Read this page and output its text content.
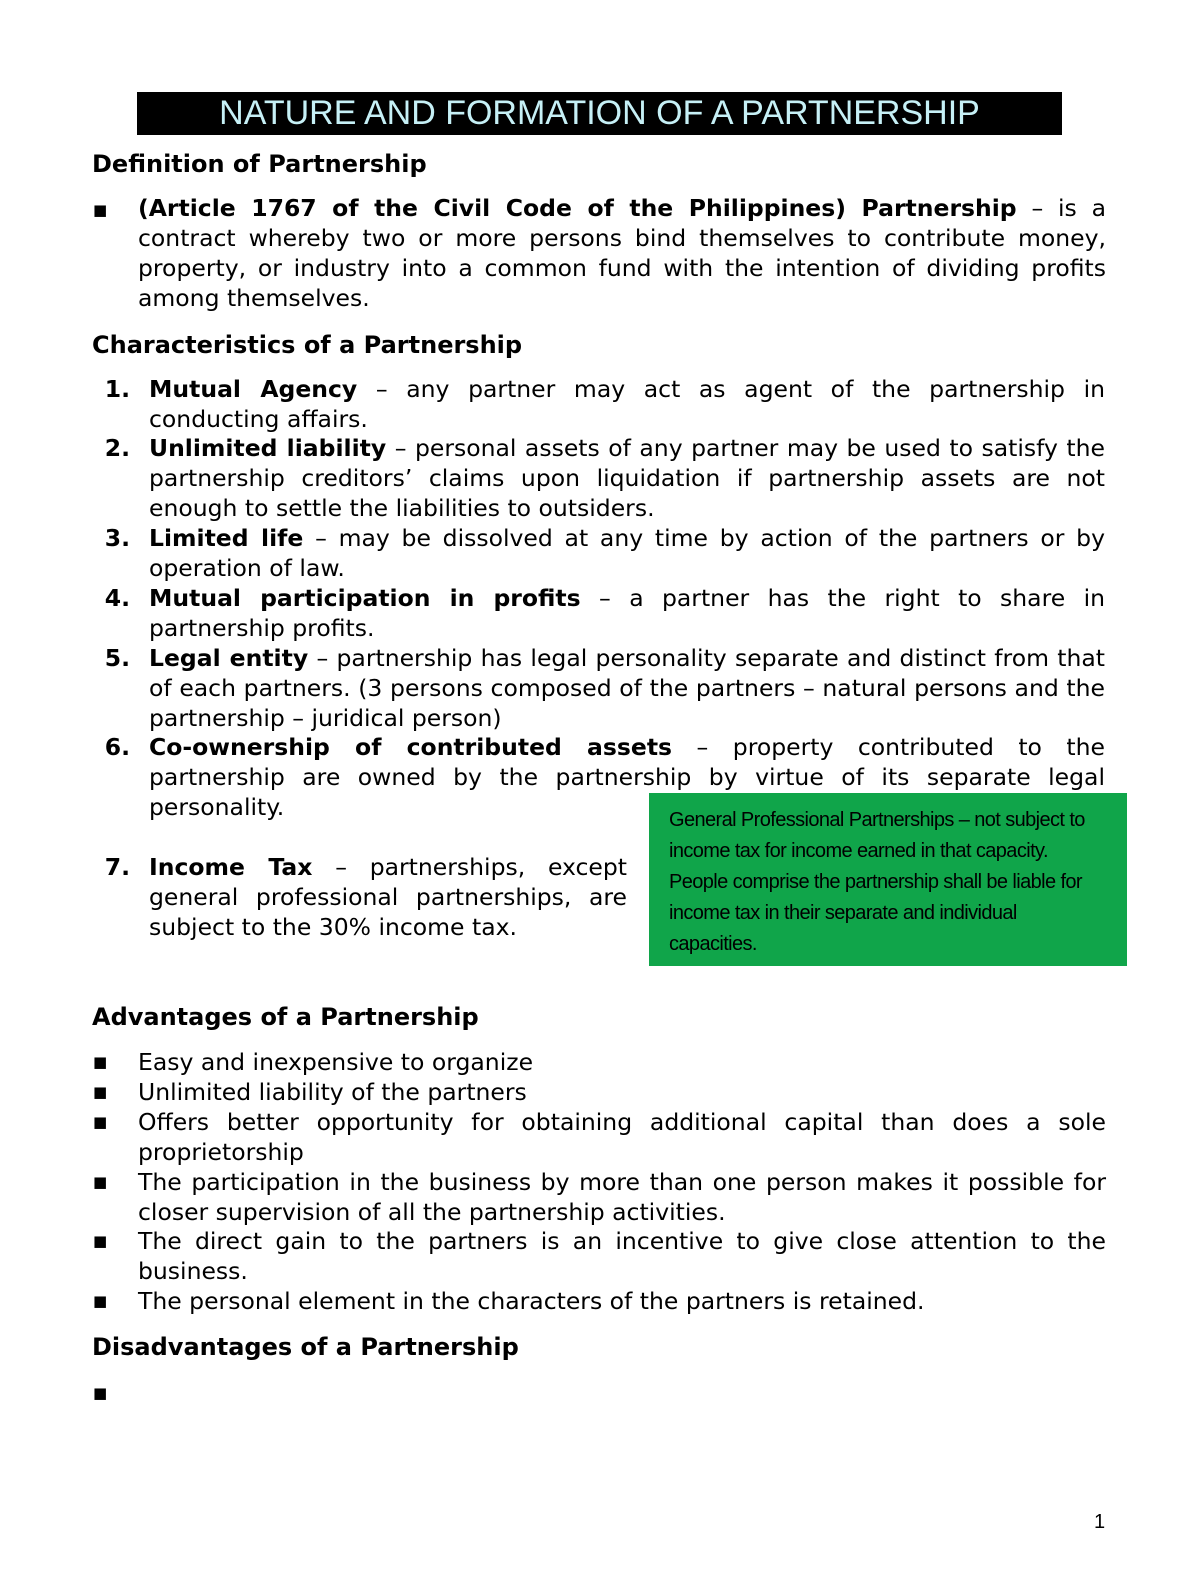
NATURE AND FORMATION OF A PARTNERSHIP
Definition of Partnership
■ (Article 1767 of the Civil Code of the Philippines) Partnership – is a contract whereby two or more persons bind themselves to contribute money, property, or industry into a common fund with the intention of dividing profits among themselves.
Characteristics of a Partnership
1. Mutual Agency – any partner may act as agent of the partnership in conducting affairs.
2. Unlimited liability – personal assets of any partner may be used to satisfy the partnership creditors’ claims upon liquidation if partnership assets are not enough to settle the liabilities to outsiders.
3. Limited life – may be dissolved at any time by action of the partners or by operation of law.
4. Mutual participation in profits – a partner has the right to share in partnership profits.
5. Legal entity – partnership has legal personality separate and distinct from that of each partners. (3 persons composed of the partners – natural persons and the partnership – juridical person)
6. Co-ownership of contributed assets – property contributed to the partnership are owned by the partnership by virtue of its separate legal personality.
7. Income Tax – partnerships, except general professional partnerships, are subject to the 30% income tax.

General Professional Partnerships – not subject to income tax for income earned in that capacity. People comprise the partnership shall be liable for income tax in their separate and individual capacities.

Advantages of a Partnership
■ Easy and inexpensive to organize
■ Unlimited liability of the partners
■ Offers better opportunity for obtaining additional capital than does a sole proprietorship
■ The participation in the business by more than one person makes it possible for closer supervision of all the partnership activities.
■ The direct gain to the partners is an incentive to give close attention to the business.
■ The personal element in the characters of the partners is retained.
Disadvantages of a Partnership
■
1
